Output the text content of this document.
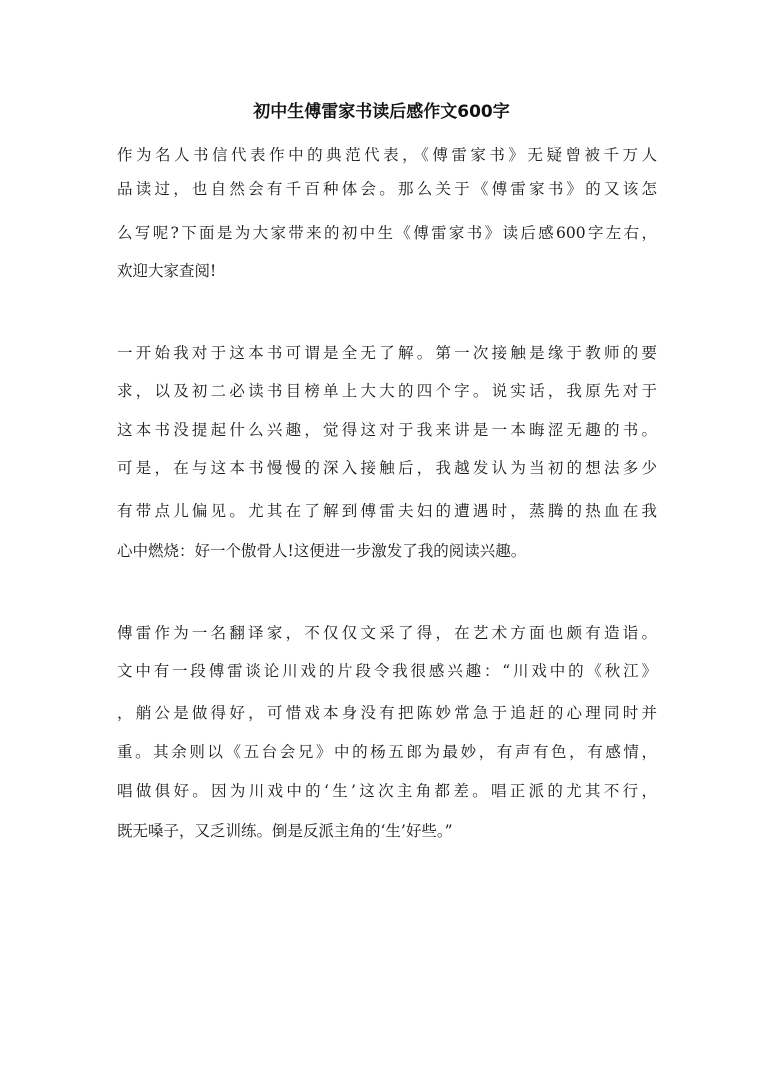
初中生傅雷家书读后感作文600字

作为名人书信代表作中的典范代表，《傅雷家书》无疑曾被千万人

品读过，也自然会有千百种体会。那么关于《傅雷家书》的又该怎

么写呢?下面是为大家带来的初中生《傅雷家书》读后感600字左右，

欢迎大家查阅!

一开始我对于这本书可谓是全无了解。第一次接触是缘于教师的要

求，以及初二必读书目榜单上大大的四个字。说实话，我原先对于

这本书没提起什么兴趣，觉得这对于我来讲是一本晦涩无趣的书。

可是，在与这本书慢慢的深入接触后，我越发认为当初的想法多少

有带点儿偏见。尤其在了解到傅雷夫妇的遭遇时，蒸腾的热血在我

心中燃烧：好一个傲骨人!这便进一步激发了我的阅读兴趣。

傅雷作为一名翻译家，不仅仅文采了得，在艺术方面也颇有造诣。

文中有一段傅雷谈论川戏的片段令我很感兴趣：“川戏中的《秋江》

，艄公是做得好，可惜戏本身没有把陈妙常急于追赶的心理同时并

重。其余则以《五台会兄》中的杨五郎为最妙，有声有色，有感情，

唱做俱好。因为川戏中的‘生’这次主角都差。唱正派的尤其不行，

既无嗓子，又乏训练。倒是反派主角的‘生’好些。”
